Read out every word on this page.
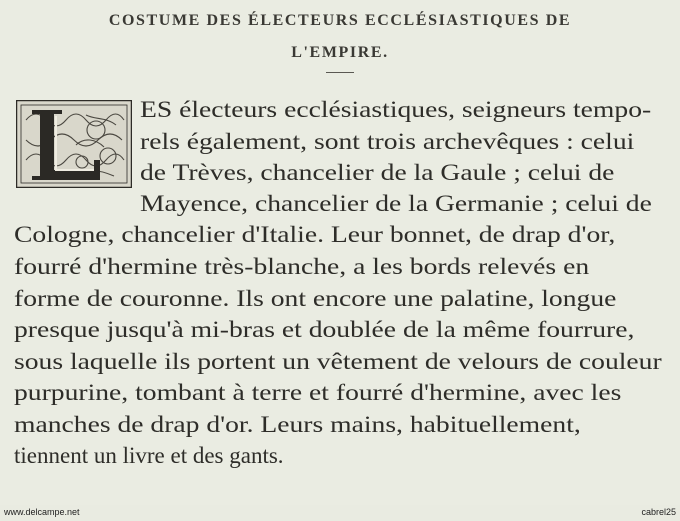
COSTUME DES ÉLECTEURS ECCLÉSIASTIQUES DE
L'EMPIRE.
ES électeurs ecclésiastiques, seigneurs tempo-
rels également, sont trois archevêques : celui
de Trèves, chancelier de la Gaule ; celui de
Mayence, chancelier de la Germanie ; celui de
Cologne, chancelier d'Italie. Leur bonnet, de drap d'or,
fourré d'hermine très-blanche, a les bords relevés en
forme de couronne. Ils ont encore une palatine, longue
presque jusqu'à mi-bras et doublée de la même fourrure,
sous laquelle ils portent un vêtement de velours de couleur
purpurine, tombant à terre et fourré d'hermine, avec les
manches de drap d'or. Leurs mains, habituellement,
tiennent un livre et des gants.
www.delcampe.net	cabrel25
